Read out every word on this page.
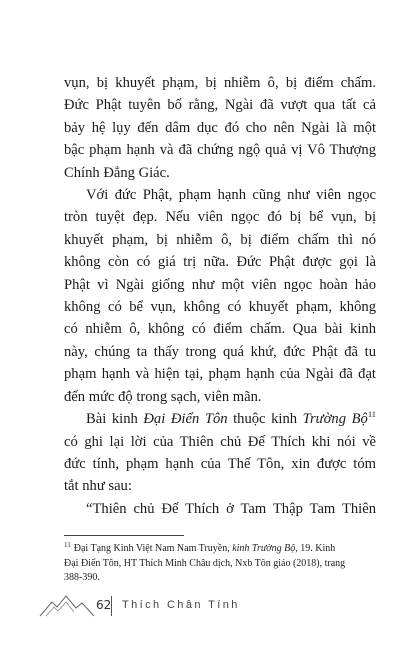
vụn, bị khuyết phạm, bị nhiễm ô, bị điểm chấm.
Đức Phật tuyên bố rằng, Ngài đã vượt qua tất cả
bảy hệ lụy đến dâm dục đó cho nên Ngài là một
bậc phạm hạnh và đã chứng ngộ quả vị Vô Thượng
Chính Đẳng Giác.

Với đức Phật, phạm hạnh cũng như viên ngọc
tròn tuyệt đẹp. Nếu viên ngọc đó bị bể vụn, bị
khuyết phạm, bị nhiễm ô, bị điểm chấm thì nó
không còn có giá trị nữa. Đức Phật được gọi là
Phật vì Ngài giống như một viên ngọc hoàn hảo
không có bể vụn, không có khuyết phạm, không
có nhiễm ô, không có điểm chấm. Qua bài kinh
này, chúng ta thấy trong quá khứ, đức Phật đã tu
phạm hạnh và hiện tại, phạm hạnh của Ngài đã đạt
đến mức độ trong sạch, viên mãn.

Bài kinh Đại Điển Tôn thuộc kinh Trường Bộ$^{11}$
có ghi lại lời của Thiên chủ Đế Thích khi nói về
đức tính, phạm hạnh của Thế Tôn, xin được tóm
tắt như sau:

“Thiên chủ Đế Thích ở Tam Thập Tam Thiên

$^{11}$ Đại Tạng Kinh Việt Nam Nam Truyền, kinh Trường Bộ, 19. Kinh
Đại Điển Tôn, HT Thích Minh Châu dịch, Nxb Tôn giáo (2018), trang
388-390.
62 Thích Chân Tính
